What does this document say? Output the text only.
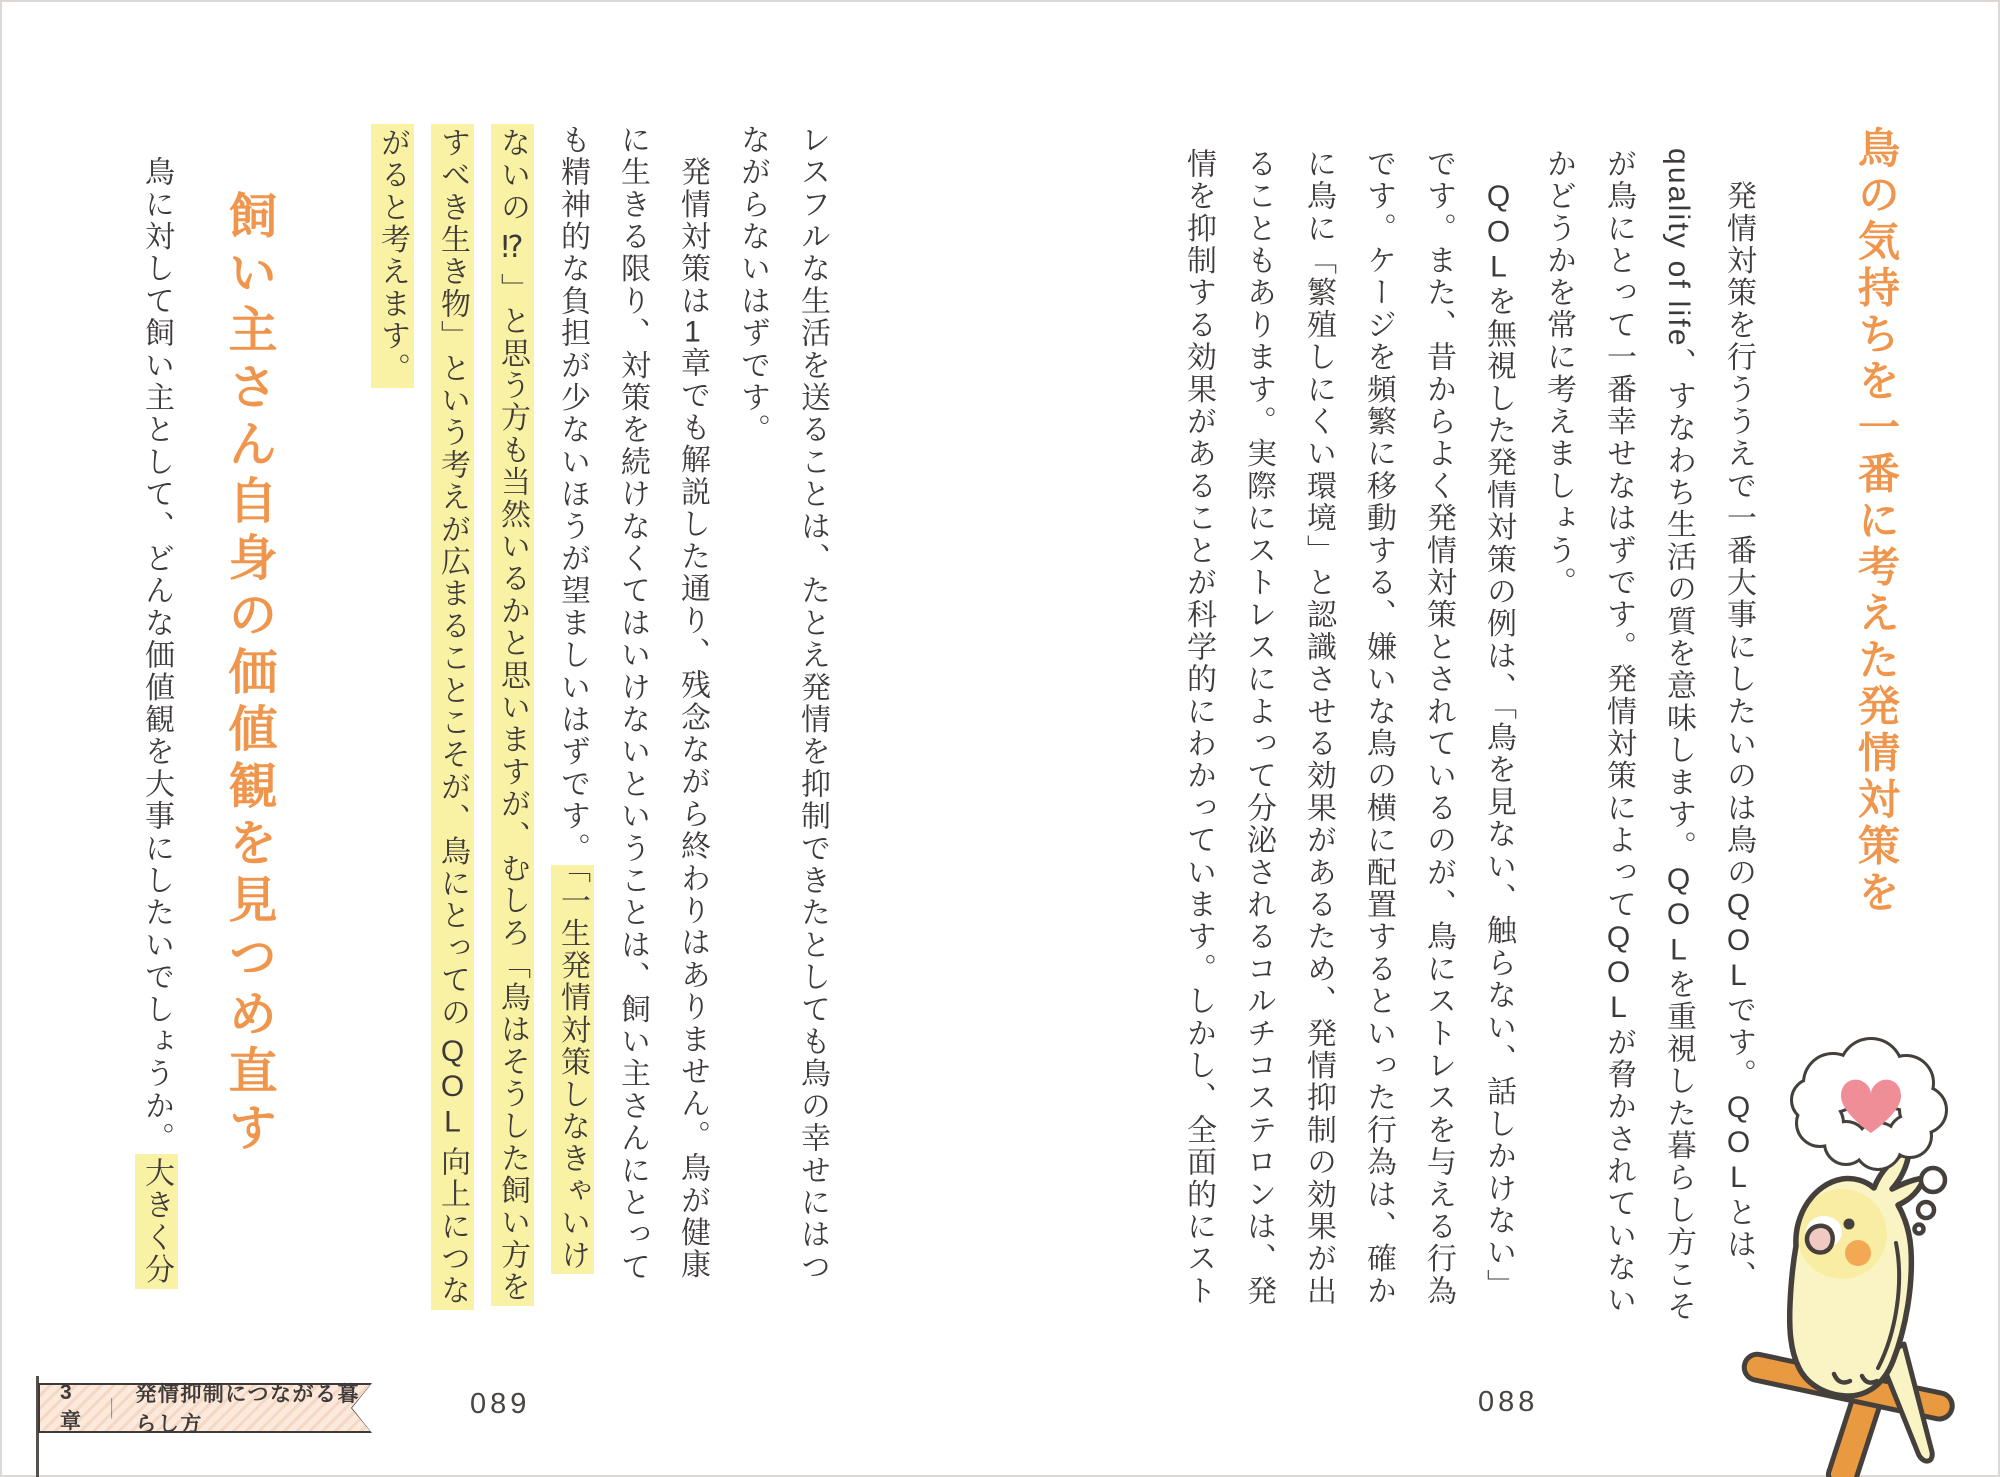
鳥の気持ちを一番に考えた発情対策を

　発情対策を行ううえで一番大事にしたいのは鳥のQOLです。QOLとは、

quality of life、すなわち生活の質を意味します。QOLを重視した暮らし方こそ

が鳥にとって一番幸せなはずです。発情対策によってQOLが脅かされていない

かどうかを常に考えましょう。

　QOLを無視した発情対策の例は、「鳥を見ない、触らない、話しかけない」

です。また、昔からよく発情対策とされているのが、鳥にストレスを与える行為

です。ケージを頻繁に移動する、嫌いな鳥の横に配置するといった行為は、確か

に鳥に「繁殖しにくい環境」と認識させる効果があるため、発情抑制の効果が出

ることもあります。実際にストレスによって分泌されるコルチコステロンは、発

情を抑制する効果があることが科学的にわかっています。しかし、全面的にスト

レスフルな生活を送ることは、たとえ発情を抑制できたとしても鳥の幸せにはつ

ながらないはずです。

　発情対策は1章でも解説した通り、残念ながら終わりはありません。鳥が健康

に生きる限り、対策を続けなくてはいけないということは、飼い主さんにとって

も精神的な負担が少ないほうが望ましいはずです。「一生発情対策しなきゃいけ

ないの⁉」と思う方も当然いるかと思いますが、むしろ「鳥はそうした飼い方を

すべき生き物」という考えが広まることこそが、鳥にとってのQOL向上につな

がると考えます。

飼い主さん自身の価値観を見つめ直す

　鳥に対して飼い主として、どんな価値観を大事にしたいでしょうか。大きく分

3章
｜
発情抑制につながる暮らし方
089	088
